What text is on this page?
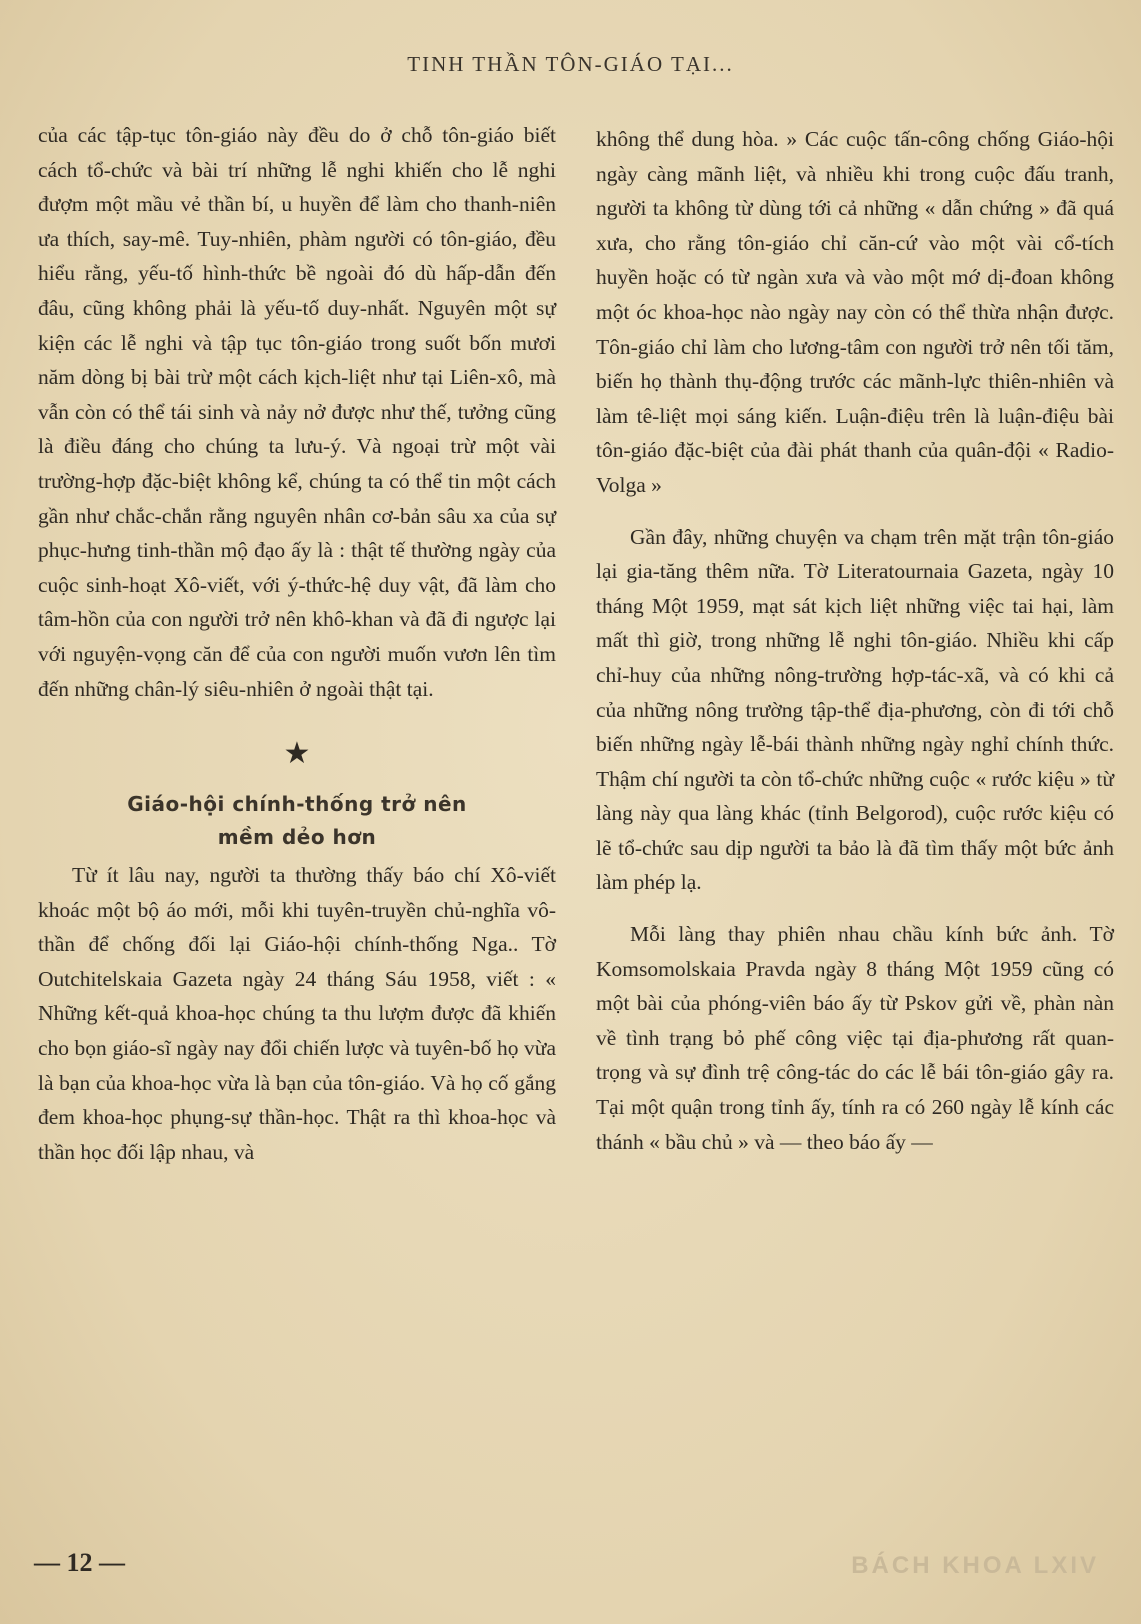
TINH THẦN TÔN-GIÁO TẠI...

của các tập-tục tôn-giáo này đều do ở chỗ tôn-giáo biết cách tổ-chức và bài trí những lễ nghi khiến cho lễ nghi đượm một mầu vẻ thần bí, u huyền để làm cho thanh-niên ưa thích, say-mê. Tuy-nhiên, phàm người có tôn-giáo, đều hiểu rằng, yếu-tố hình-thức bề ngoài đó dù hấp-dẫn đến đâu, cũng không phải là yếu-tố duy-nhất. Nguyên một sự kiện các lễ nghi và tập tục tôn-giáo trong suốt bốn mươi năm dòng bị bài trừ một cách kịch-liệt như tại Liên-xô, mà vẫn còn có thể tái sinh và nảy nở được như thế, tưởng cũng là điều đáng cho chúng ta lưu-ý. Và ngoại trừ một vài trường-hợp đặc-biệt không kể, chúng ta có thể tin một cách gần như chắc-chắn rằng nguyên nhân cơ-bản sâu xa của sự phục-hưng tinh-thần mộ đạo ấy là : thật tế thường ngày của cuộc sinh-hoạt Xô-viết, với ý-thức-hệ duy vật, đã làm cho tâm-hồn của con người trở nên khô-khan và đã đi ngược lại với nguyện-vọng căn để của con người muốn vươn lên tìm đến những chân-lý siêu-nhiên ở ngoài thật tại.

★
Giáo-hội chính-thống trở nên
mềm dẻo hơn

Từ ít lâu nay, người ta thường thấy báo chí Xô-viết khoác một bộ áo mới, mỗi khi tuyên-truyền chủ-nghĩa vô-thần để chống đối lại Giáo-hội chính-thống Nga.. Tờ Outchitelskaia Gazeta ngày 24 tháng Sáu 1958, viết : « Những kết-quả khoa-học chúng ta thu lượm được đã khiến cho bọn giáo-sĩ ngày nay đổi chiến lược và tuyên-bố họ vừa là bạn của khoa-học vừa là bạn của tôn-giáo. Và họ cố gắng đem khoa-học phụng-sự thần-học. Thật ra thì khoa-học và thần học đối lập nhau, và

không thể dung hòa. » Các cuộc tấn-công chống Giáo-hội ngày càng mãnh liệt, và nhiều khi trong cuộc đấu tranh, người ta không từ dùng tới cả những « dẫn chứng » đã quá xưa, cho rằng tôn-giáo chỉ căn-cứ vào một vài cổ-tích huyền hoặc có từ ngàn xưa và vào một mớ dị-đoan không một óc khoa-học nào ngày nay còn có thể thừa nhận được. Tôn-giáo chỉ làm cho lương-tâm con người trở nên tối tăm, biến họ thành thụ-động trước các mãnh-lực thiên-nhiên và làm tê-liệt mọi sáng kiến. Luận-điệu trên là luận-điệu bài tôn-giáo đặc-biệt của đài phát thanh của quân-đội « Radio-Volga »

Gần đây, những chuyện va chạm trên mặt trận tôn-giáo lại gia-tăng thêm nữa. Tờ Literatournaia Gazeta, ngày 10 tháng Một 1959, mạt sát kịch liệt những việc tai hại, làm mất thì giờ, trong những lễ nghi tôn-giáo. Nhiều khi cấp chỉ-huy của những nông-trường hợp-tác-xã, và có khi cả của những nông trường tập-thể địa-phương, còn đi tới chỗ biến những ngày lễ-bái thành những ngày nghỉ chính thức. Thậm chí người ta còn tổ-chức những cuộc « rước kiệu » từ làng này qua làng khác (tỉnh Belgorod), cuộc rước kiệu có lẽ tổ-chức sau dịp người ta bảo là đã tìm thấy một bức ảnh làm phép lạ.

Mỗi làng thay phiên nhau chầu kính bức ảnh. Tờ Komsomolskaia Pravda ngày 8 tháng Một 1959 cũng có một bài của phóng-viên báo ấy từ Pskov gửi về, phàn nàn về tình trạng bỏ phế công việc tại địa-phương rất quan-trọng và sự đình trệ công-tác do các lễ bái tôn-giáo gây ra. Tại một quận trong tỉnh ấy, tính ra có 260 ngày lễ kính các thánh « bầu chủ » và — theo báo ấy —

— 12 —	BÁCH KHOA LXIV
